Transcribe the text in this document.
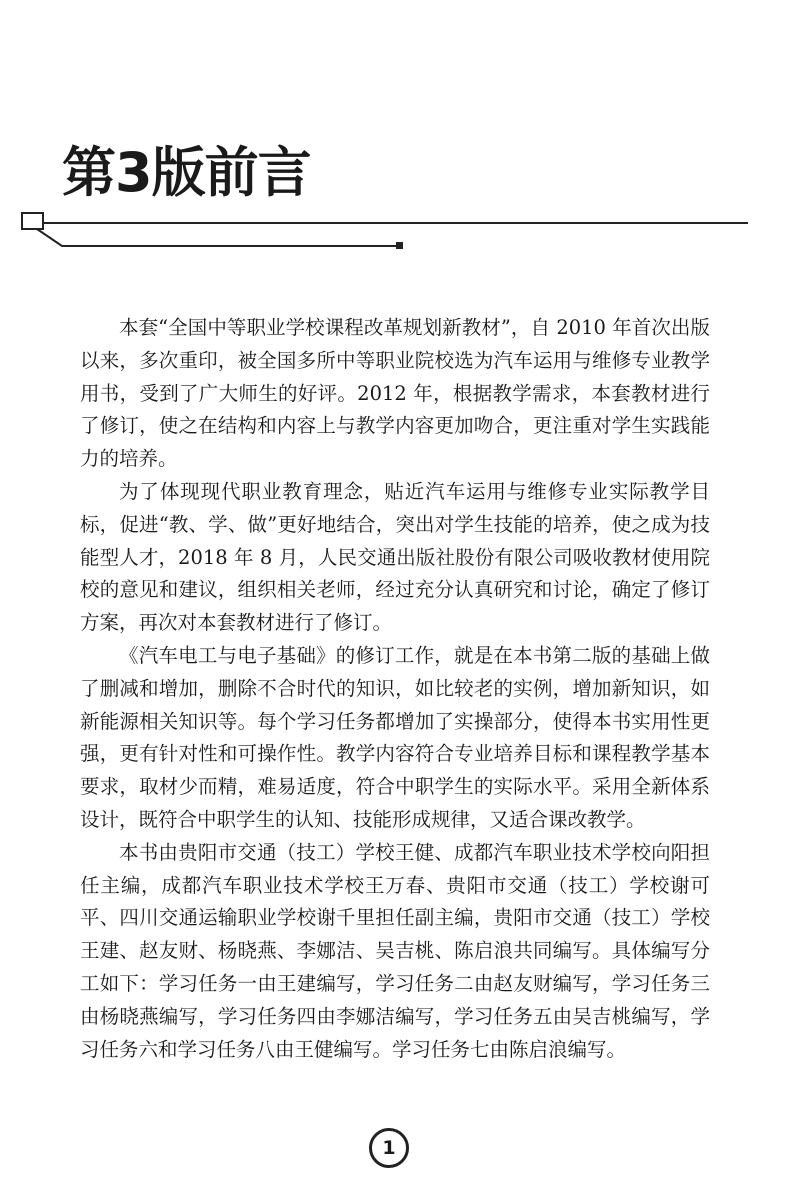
第3版前言

本套“全国中等职业学校课程改革规划新教材”，自 2010 年首次出版以来，多次重印，被全国多所中等职业院校选为汽车运用与维修专业教学用书，受到了广大师生的好评。2012 年，根据教学需求，本套教材进行了修订，使之在结构和内容上与教学内容更加吻合，更注重对学生实践能力的培养。

为了体现现代职业教育理念，贴近汽车运用与维修专业实际教学目标，促进“教、学、做”更好地结合，突出对学生技能的培养，使之成为技能型人才，2018 年 8 月，人民交通出版社股份有限公司吸收教材使用院校的意见和建议，组织相关老师，经过充分认真研究和讨论，确定了修订方案，再次对本套教材进行了修订。

《汽车电工与电子基础》的修订工作，就是在本书第二版的基础上做了删减和增加，删除不合时代的知识，如比较老的实例，增加新知识，如新能源相关知识等。每个学习任务都增加了实操部分，使得本书实用性更强，更有针对性和可操作性。教学内容符合专业培养目标和课程教学基本要求，取材少而精，难易适度，符合中职学生的实际水平。采用全新体系设计，既符合中职学生的认知、技能形成规律，又适合课改教学。

本书由贵阳市交通（技工）学校王健、成都汽车职业技术学校向阳担任主编，成都汽车职业技术学校王万春、贵阳市交通（技工）学校谢可平、四川交通运输职业学校谢千里担任副主编，贵阳市交通（技工）学校王建、赵友财、杨晓燕、李娜洁、吴吉桃、陈启浪共同编写。具体编写分工如下：学习任务一由王建编写，学习任务二由赵友财编写，学习任务三由杨晓燕编写，学习任务四由李娜洁编写，学习任务五由吴吉桃编写，学习任务六和学习任务八由王健编写。学习任务七由陈启浪编写。

1
